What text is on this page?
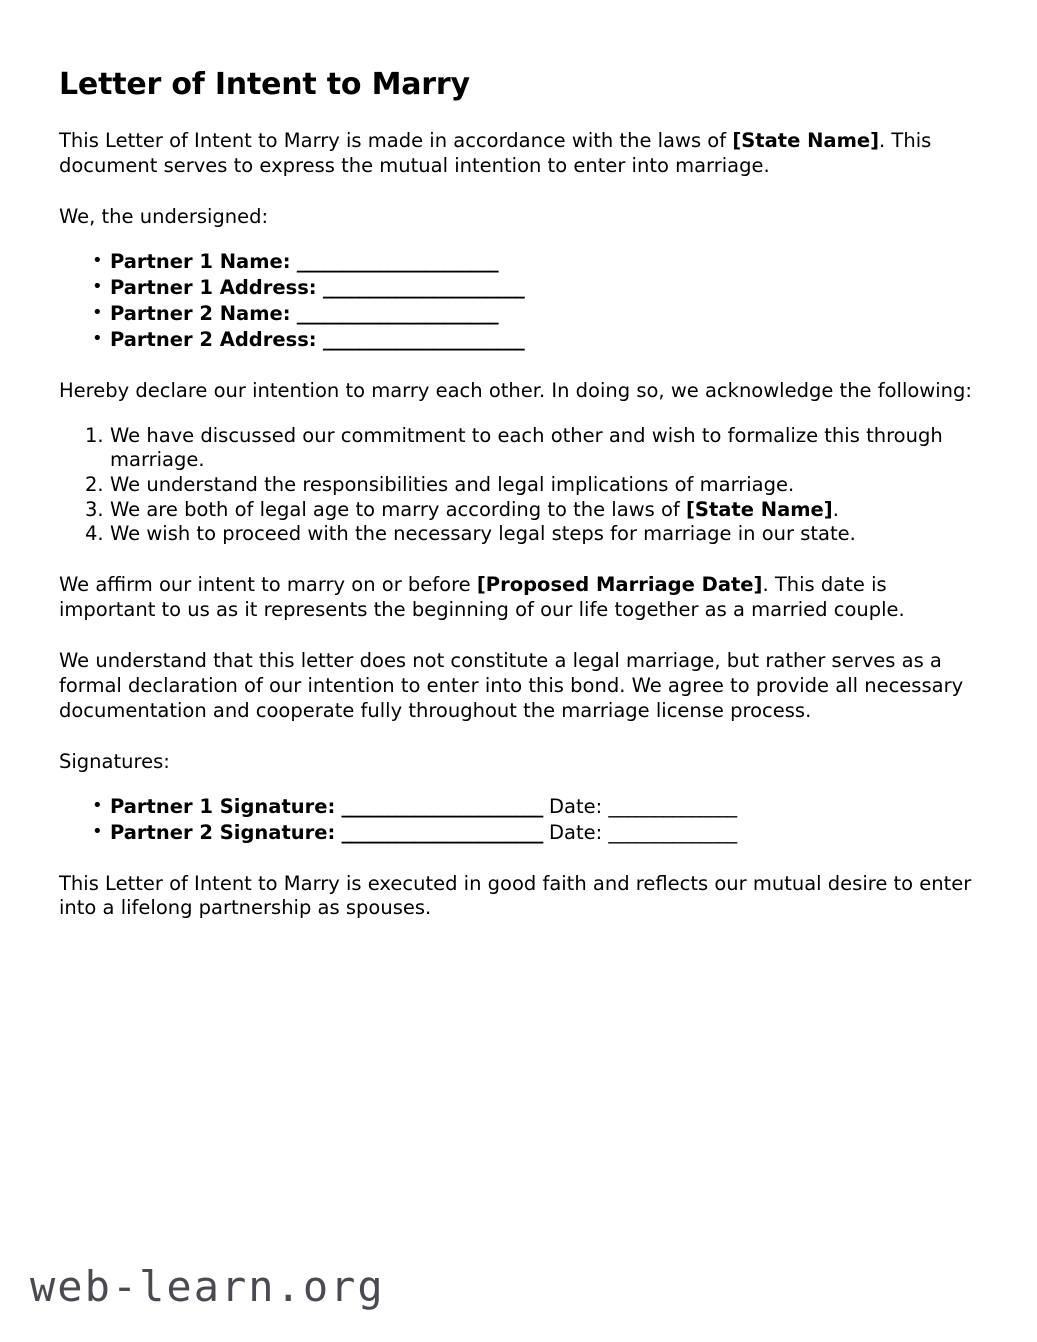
Letter of Intent to Marry

This Letter of Intent to Marry is made in accordance with the laws of [State Name]. This document serves to express the mutual intention to enter into marriage.

We, the undersigned:

• Partner 1 Name: ______________________
• Partner 1 Address: ______________________
• Partner 2 Name: ______________________
• Partner 2 Address: ______________________

Hereby declare our intention to marry each other. In doing so, we acknowledge the following:

We have discussed our commitment to each other and wish to formalize this through marriage.
We understand the responsibilities and legal implications of marriage.
We are both of legal age to marry according to the laws of [State Name].
We wish to proceed with the necessary legal steps for marriage in our state.

We affirm our intent to marry on or before [Proposed Marriage Date]. This date is important to us as it represents the beginning of our life together as a married couple.

We understand that this letter does not constitute a legal marriage, but rather serves as a formal declaration of our intention to enter into this bond. We agree to provide all necessary documentation and cooperate fully throughout the marriage license process.

Signatures:

• Partner 1 Signature: ______________________ Date: ______________
• Partner 2 Signature: ______________________ Date: ______________

This Letter of Intent to Marry is executed in good faith and reflects our mutual desire to enter into a lifelong partnership as spouses.

web-learn.org
